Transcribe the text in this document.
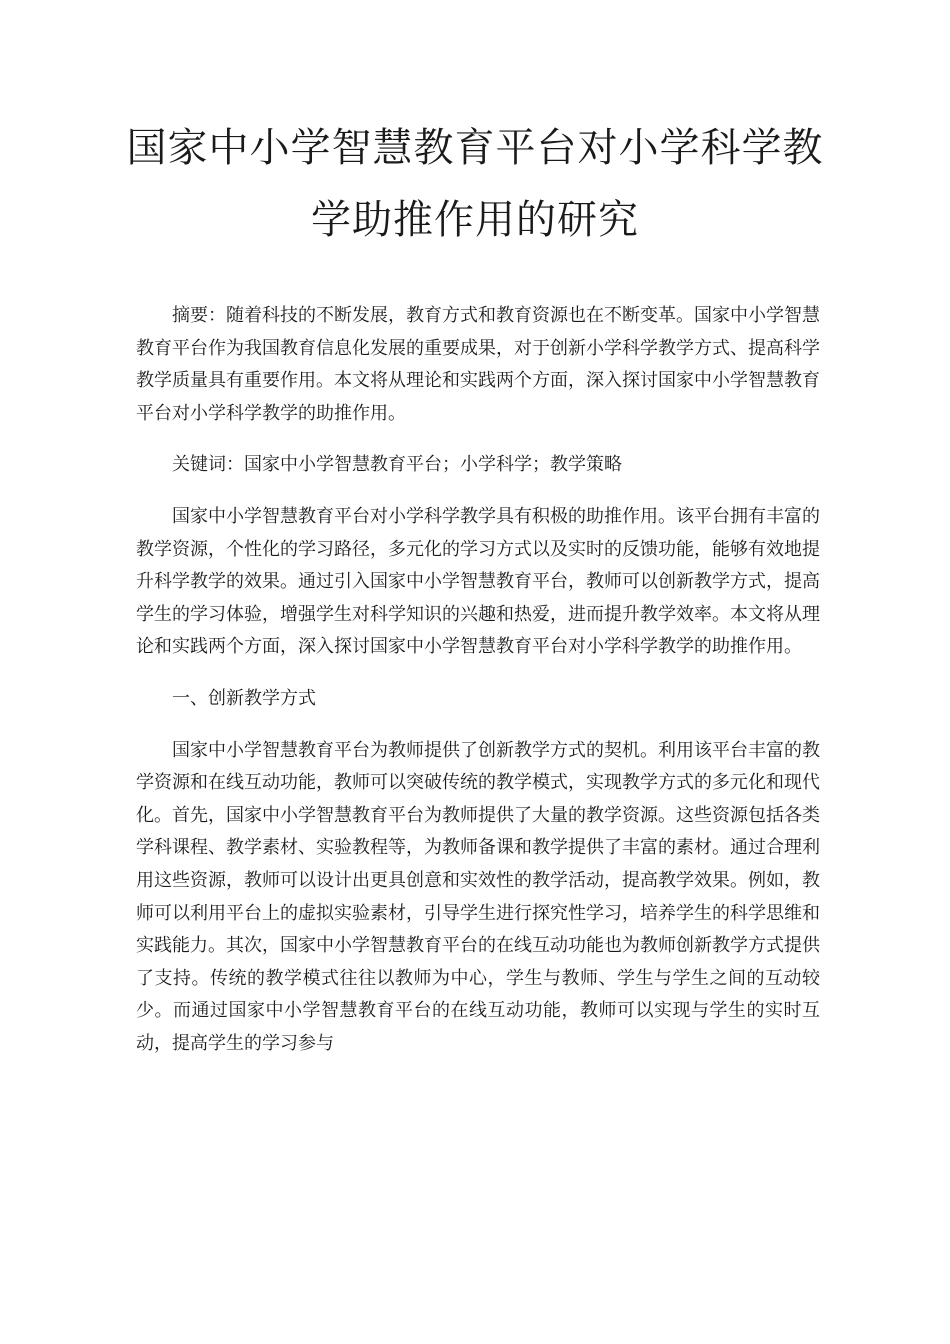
国家中小学智慧教育平台对小学科学教
学助推作用的研究

摘要：随着科技的不断发展，教育方式和教育资源也在不断变革。国家中小学智慧教育平台作为我国教育信息化发展的重要成果，对于创新小学科学教学方式、提高科学教学质量具有重要作用。本文将从理论和实践两个方面，深入探讨国家中小学智慧教育平台对小学科学教学的助推作用。

关键词：国家中小学智慧教育平台；小学科学；教学策略

国家中小学智慧教育平台对小学科学教学具有积极的助推作用。该平台拥有丰富的教学资源，个性化的学习路径，多元化的学习方式以及实时的反馈功能，能够有效地提升科学教学的效果。通过引入国家中小学智慧教育平台，教师可以创新教学方式，提高学生的学习体验，增强学生对科学知识的兴趣和热爱，进而提升教学效率。本文将从理论和实践两个方面，深入探讨国家中小学智慧教育平台对小学科学教学的助推作用。

一、创新教学方式

国家中小学智慧教育平台为教师提供了创新教学方式的契机。利用该平台丰富的教学资源和在线互动功能，教师可以突破传统的教学模式，实现教学方式的多元化和现代化。首先，国家中小学智慧教育平台为教师提供了大量的教学资源。这些资源包括各类学科课程、教学素材、实验教程等，为教师备课和教学提供了丰富的素材。通过合理利用这些资源，教师可以设计出更具创意和实效性的教学活动，提高教学效果。例如，教师可以利用平台上的虚拟实验素材，引导学生进行探究性学习，培养学生的科学思维和实践能力。其次，国家中小学智慧教育平台的在线互动功能也为教师创新教学方式提供了支持。传统的教学模式往往以教师为中心，学生与教师、学生与学生之间的互动较少。而通过国家中小学智慧教育平台的在线互动功能，教师可以实现与学生的实时互动，提高学生的学习参与
